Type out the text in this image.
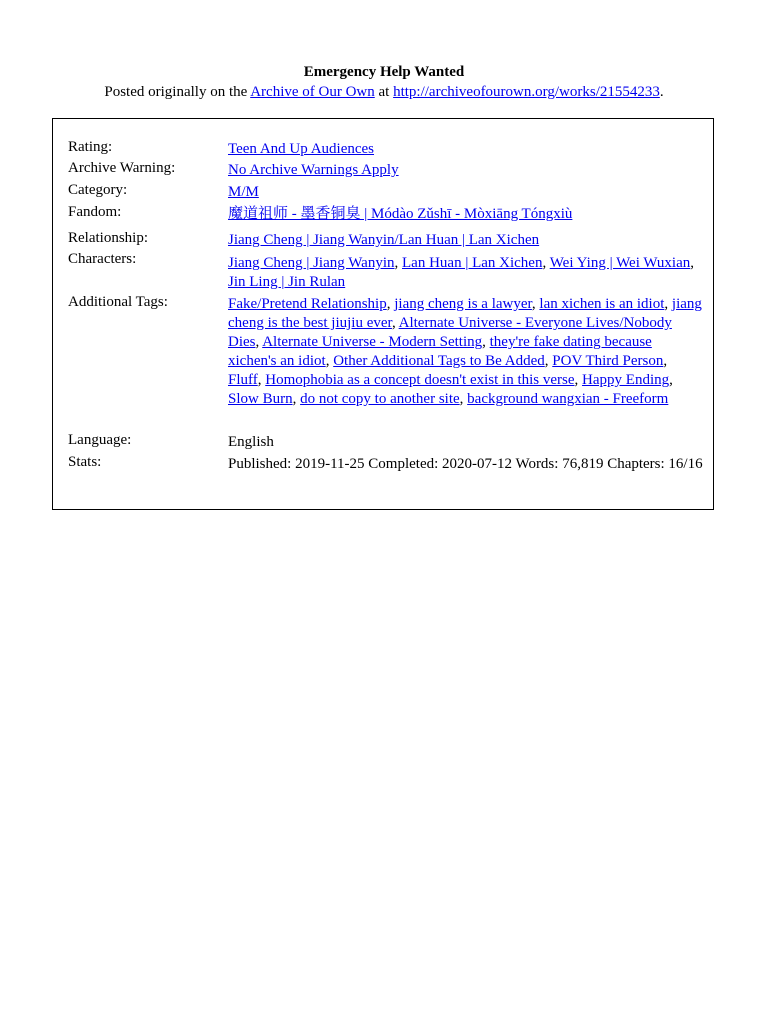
Emergency Help Wanted
Posted originally on the Archive of Our Own at http://archiveofourown.org/works/21554233.
Rating:	Teen And Up Audiences
Archive Warning:	No Archive Warnings Apply
Category:	M/M
Fandom:	魔道祖师 - 墨香铜臭 | Módào Zǔshī - Mòxiāng Tóngxiù
Relationship:	Jiang Cheng | Jiang Wanyin/Lan Huan | Lan Xichen
Characters:	Jiang Cheng | Jiang Wanyin, Lan Huan | Lan Xichen, Wei Ying | Wei Wuxian, Jin Ling | Jin Rulan
Additional Tags:	Fake/Pretend Relationship, jiang cheng is a lawyer, lan xichen is an idiot, jiang cheng is the best jiujiu ever, Alternate Universe - Everyone Lives/Nobody Dies, Alternate Universe - Modern Setting, they're fake dating because xichen's an idiot, Other Additional Tags to Be Added, POV Third Person, Fluff, Homophobia as a concept doesn't exist in this verse, Happy Ending, Slow Burn, do not copy to another site, background wangxian - Freeform
Language:	English
Stats:	Published: 2019-11-25 Completed: 2020-07-12 Words: 76,819 Chapters: 16/16
